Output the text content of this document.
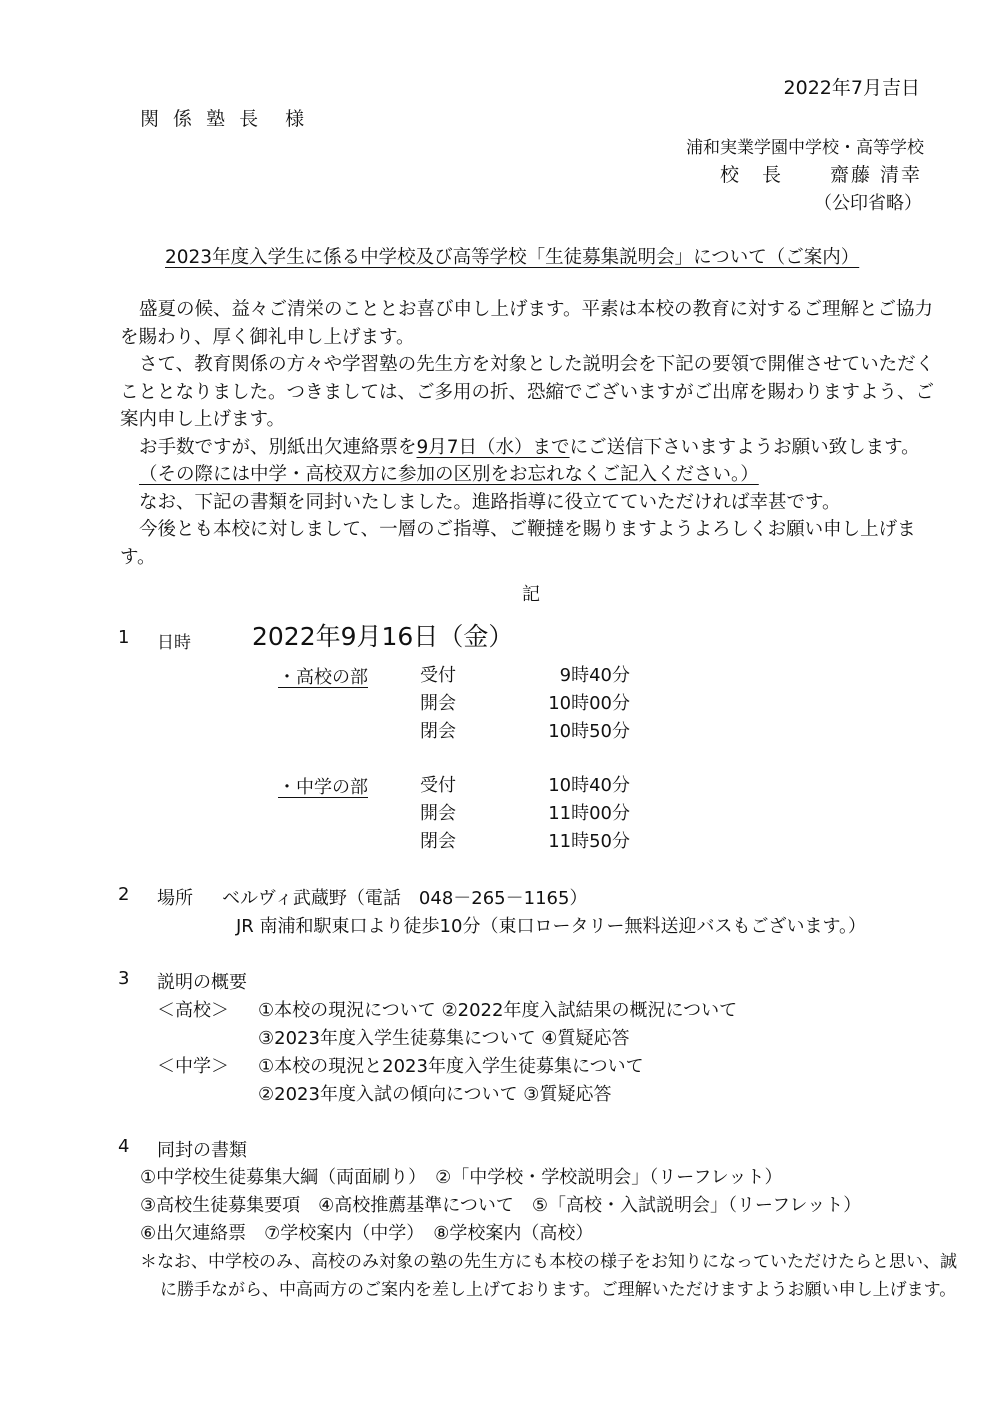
2022年7月吉日
関 係 塾 長　様
浦和実業学園中学校・高等学校
校　長 齋藤 清幸
（公印省略）
2023年度入学生に係る中学校及び高等学校「生徒募集説明会」について（ご案内）

盛夏の候、益々ご清栄のこととお喜び申し上げます。平素は本校の教育に対するご理解とご協力を賜わり、厚く御礼申し上げます。

さて、教育関係の方々や学習塾の先生方を対象とした説明会を下記の要領で開催させていただくこととなりました。つきましては、ご多用の折、恐縮でございますがご出席を賜わりますよう、ご案内申し上げます。

お手数ですが、別紙出欠連絡票を9月7日（水）までにご送信下さいますようお願い致します。

（その際には中学・高校双方に参加の区別をお忘れなくご記入ください。）

なお、下記の書類を同封いたしました。進路指導に役立てていただければ幸甚です。

今後とも本校に対しまして、一層のご指導、ご鞭撻を賜りますようよろしくお願い申し上げます。

記
1 日時 2022年9月16日（金）
・高校の部	受付	9時40分
開会	10時00分
閉会	10時50分
・中学の部	受付	10時40分
開会	11時00分
閉会	11時50分
2 場所 ベルヴィ武蔵野（電話　048－265－1165）
JR 南浦和駅東口より徒歩10分（東口ロータリー無料送迎バスもございます。）
3 説明の概要
＜高校＞ ①本校の現況について ②2022年度入試結果の概況について
③2023年度入学生徒募集について ④質疑応答
＜中学＞ ①本校の現況と2023年度入学生徒募集について
②2023年度入試の傾向について ③質疑応答
4 同封の書類
①中学校生徒募集大綱（両面刷り）　②「中学校・学校説明会」（リーフレット）
③高校生徒募集要項　④高校推薦基準について　⑤「高校・入試説明会」（リーフレット）
⑥出欠連絡票　⑦学校案内（中学）　⑧学校案内（高校）
＊なお、中学校のみ、高校のみ対象の塾の先生方にも本校の様子をお知りになっていただけたらと思い、誠
に勝手ながら、中高両方のご案内を差し上げております。ご理解いただけますようお願い申し上げます。
